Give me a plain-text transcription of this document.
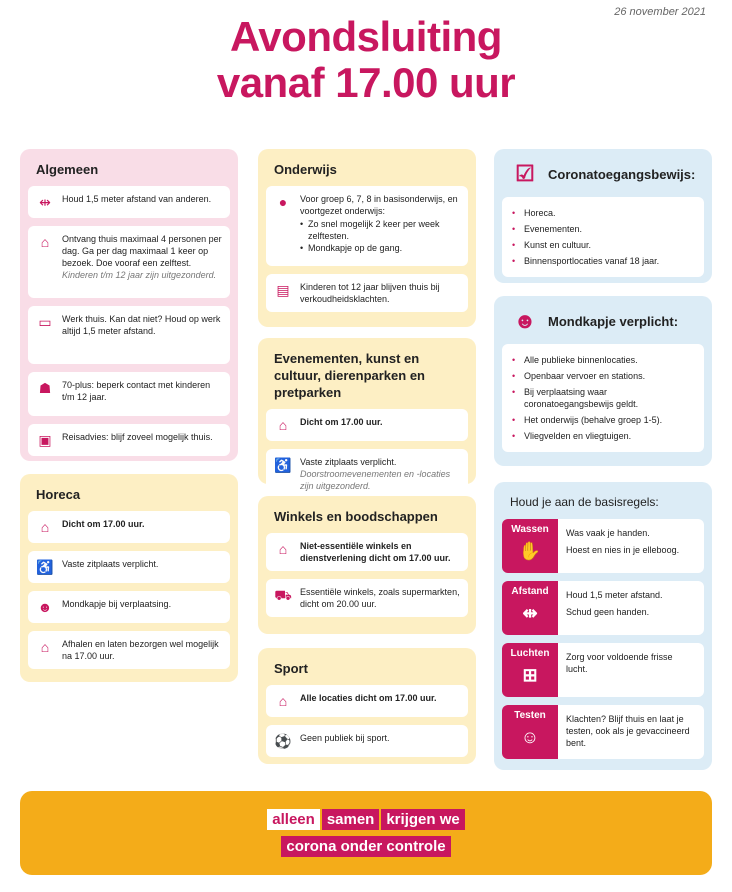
26 november 2021
Avondsluiting
vanaf 17.00 uur
Algemeen
⇹	Houd 1,5 meter afstand van anderen.
⌂	Ontvang thuis maximaal 4 personen per dag. Ga per dag maximaal 1 keer op bezoek. Doe vooraf een zelftest. Kinderen t/m 12 jaar zijn uitgezonderd.
▭ Werk thuis. Kan dat niet? Houd op werk altijd 1,5 meter afstand.
☗	70-plus: beperk contact met kinderen t/m 12 jaar.
▣ Reisadvies: blijf zoveel mogelijk thuis.
Horeca
⌂	Dicht om 17.00 uur.
♿ Vaste zitplaats verplicht.
☻ Mondkapje bij verplaatsing.
⌂	Afhalen en laten bezorgen wel mogelijk na 17.00 uur.
Onderwijs
●	Voor groep 6, 7, 8 in basisonderwijs, en voortgezet onderwijs:
• Zo snel mogelijk 2 keer per week zelftesten.
• Mondkapje op de gang.
▤ Kinderen tot 12 jaar blijven thuis bij verkoudheidsklachten.
Evenementen, kunst en cultuur, dierenparken en pretparken
⌂	Dicht om 17.00 uur.
♿ Vaste zitplaats verplicht. Doorstroomevenementen en -locaties zijn uitgezonderd.
Winkels en boodschappen
⌂	Niet-essentiële winkels en dienstverlening dicht om 17.00 uur.
⛟ Essentiële winkels, zoals supermarkten, dicht om 20.00 uur.
Sport
⌂	Alle locaties dicht om 17.00 uur.
⚽ Geen publiek bij sport.
☑	Coronatoegangsbewijs:
• Horeca.
• Evenementen.
• Kunst en cultuur.
• Binnensportlocaties vanaf 18 jaar.
☻ Mondkapje verplicht:
• Alle publieke binnenlocaties.
• Openbaar vervoer en stations.
• Bij verplaatsing waar coronatoegangsbewijs geldt.
• Het onderwijs (behalve groep 1-5).
• Vliegvelden en vliegtuigen.
Houd je aan de basisregels:
Wassen
✋

Was vaak je handen.

Hoest en nies in je elleboog.

Afstand
⇹

Houd 1,5 meter afstand.

Schud geen handen.

Luchten
⊞

Zorg voor voldoende frisse lucht.

Testen
☺

Klachten? Blijf thuis en laat je testen, ook als je gevaccineerd bent.

alleen samen krijgen we
corona onder controle
